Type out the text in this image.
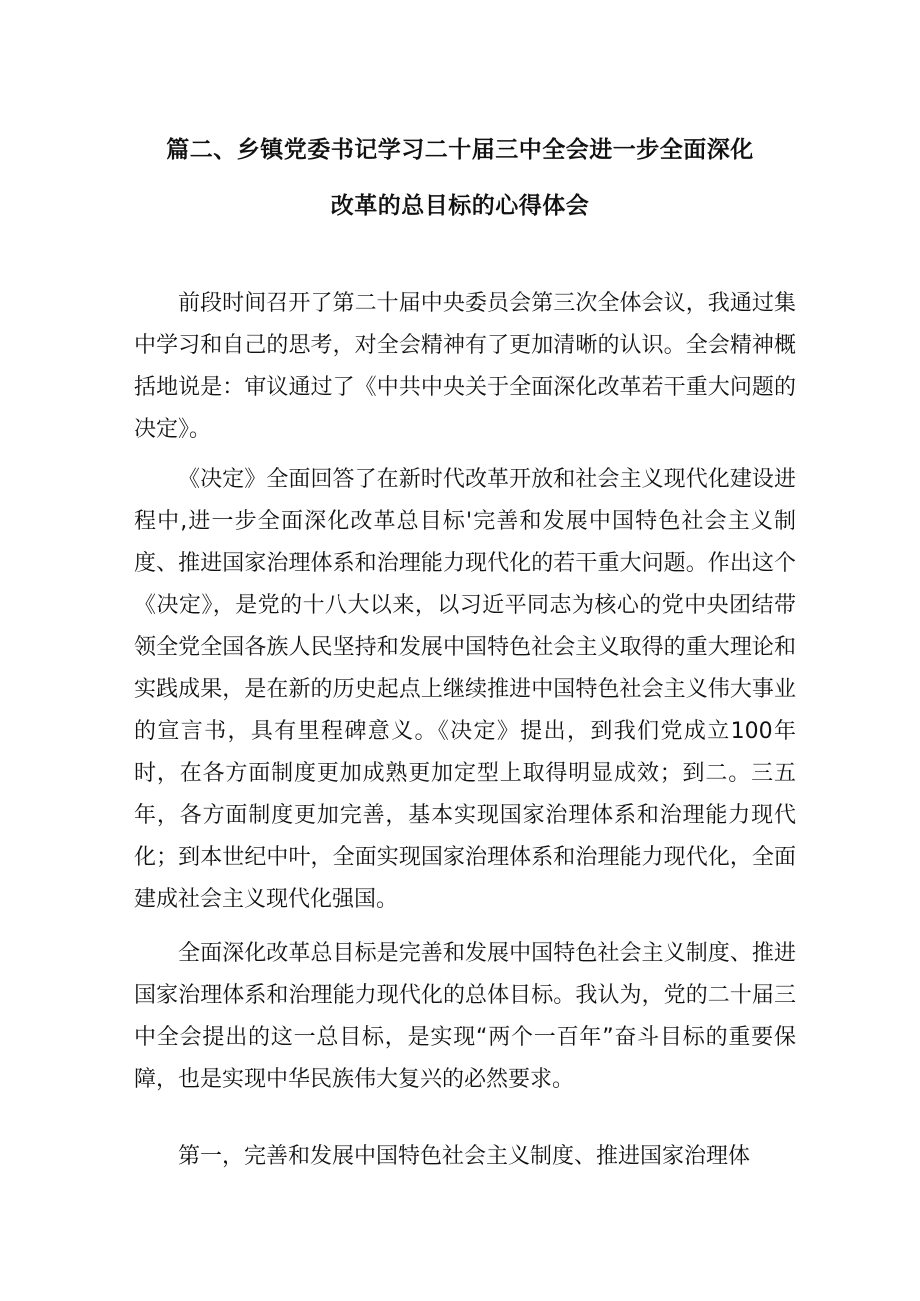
篇二、乡镇党委书记学习二十届三中全会进一步全面深化
改革的总目标的心得体会

前段时间召开了第二十届中央委员会第三次全体会议，我通过集中学习和自己的思考，对全会精神有了更加清晰的认识。全会精神概括地说是：审议通过了《中共中央关于全面深化改革若干重大问题的决定》。

《决定》全面回答了在新时代改革开放和社会主义现代化建设进程中,进一步全面深化改革总目标'完善和发展中国特色社会主义制度、推进国家治理体系和治理能力现代化的若干重大问题。作出这个《决定》，是党的十八大以来，以习近平同志为核心的党中央团结带领全党全国各族人民坚持和发展中国特色社会主义取得的重大理论和实践成果，是在新的历史起点上继续推进中国特色社会主义伟大事业的宣言书，具有里程碑意义。《决定》提出，到我们党成立100年时，在各方面制度更加成熟更加定型上取得明显成效；到二。三五年，各方面制度更加完善，基本实现国家治理体系和治理能力现代化；到本世纪中叶，全面实现国家治理体系和治理能力现代化，全面建成社会主义现代化强国。

全面深化改革总目标是完善和发展中国特色社会主义制度、推进国家治理体系和治理能力现代化的总体目标。我认为，党的二十届三中全会提出的这一总目标，是实现“两个一百年”奋斗目标的重要保障，也是实现中华民族伟大复兴的必然要求。

第一，完善和发展中国特色社会主义制度、推进国家治理体
